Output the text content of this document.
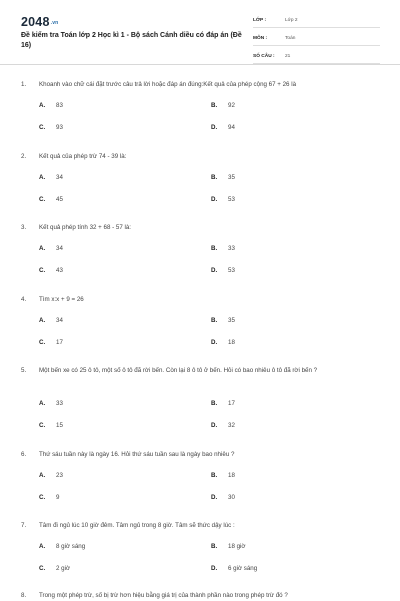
2048.vn
Đề kiểm tra Toán lớp 2 Học kì 1 - Bộ sách Cánh diều có đáp án (Đề 16)
LỚP :	Lớp 2
MÔN :	Toán
SỐ CÂU :	21
1.	Khoanh vào chữ cái đặt trước câu trả lời hoặc đáp án đúng:Kết quả của phép cộng 67 + 26 là
A.	83	B.	92
C.	93	D.	94
2.	Kết quả của phép trừ 74 - 39 là:
A.	34	B.	35
C.	45	D.	53
3.	Kết quả phép tính 32 + 68 - 57 là:
A.	34	B.	33
C.	43	D.	53
4.	Tìm x:x + 9 = 26
A.	34	B.	35
C.	17	D.	18
5.	Một bến xe có 25 ô tô, một số ô tô đã rời bến. Còn lại 8 ô tô ở bến. Hỏi có bao nhiêu ô tô đã rời bến ?
A.	33	B.	17
C.	15	D.	32
6.	Thứ sáu tuần này là ngày 16. Hỏi thứ sáu tuần sau là ngày bao nhiêu ?
A.	23	B.	18
C.	9	D.	30
7.	Tâm đi ngủ lúc 10 giờ đêm. Tâm ngủ trong 8 giờ. Tâm sẽ thức dậy lúc :
A.	8 giờ sáng	B.	18 giờ
C.	2 giờ	D.	6 giờ sáng
8.	Trong một phép trừ, số bị trừ hơn hiệu bằng giá trị của thành phần nào trong phép trừ đó ?
